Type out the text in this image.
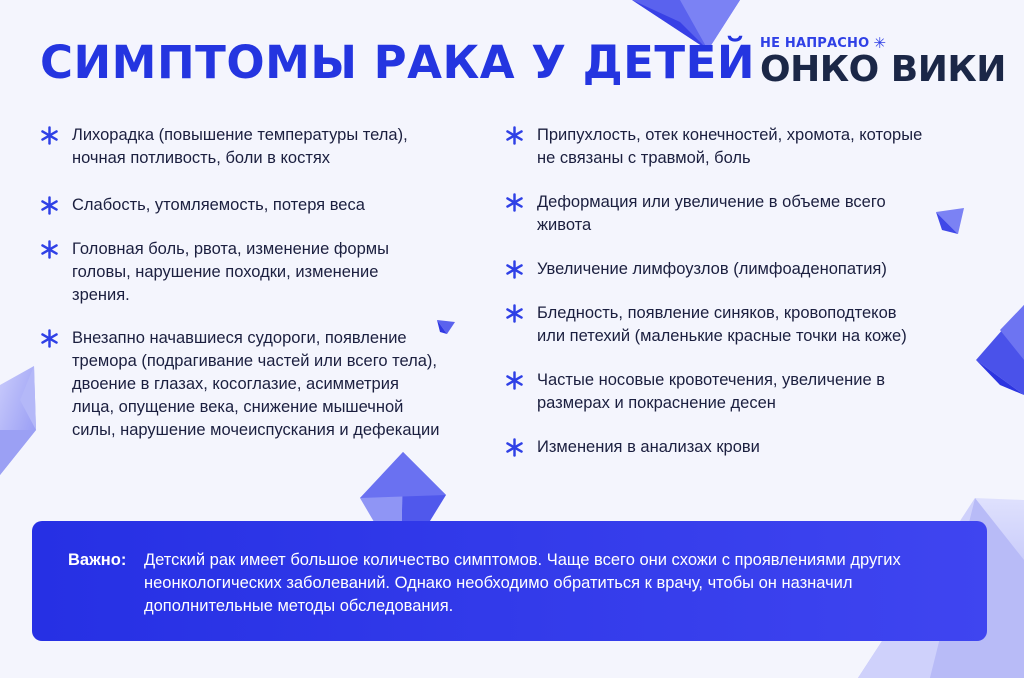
СИМПТОМЫ РАКА У ДЕТЕЙ НЕ НАПРАСНО ✳
ОНКО ВИКИ

Лихорадка (повышение температуры тела), ночная потливость, боли в костях

Слабость, утомляемость, потеря веса

Головная боль, рвота, изменение формы головы, нарушение походки, изменение зрения.

Внезапно начавшиеся судороги, появление тремора (подрагивание частей или всего тела), двоение в глазах, косоглазие, асимметрия лица, опущение века, снижение мышечной силы, нарушение мочеиспускания и дефекации

Припухлость, отек конечностей, хромота, которые не связаны с травмой, боль

Деформация или увеличение в объеме всего живота

Увеличение лимфоузлов (лимфоаденопатия)

Бледность, появление синяков, кровоподтеков или петехий (маленькие красные точки на коже)

Частые носовые кровотечения, увеличение в размерах и покраснение десен

Изменения в анализах крови

Важно: Детский рак имеет большое количество симптомов. Чаще всего они схожи с проявлениями других неонкологических заболеваний. Однако необходимо обратиться к врачу, чтобы он назначил дополнительные методы обследования.
